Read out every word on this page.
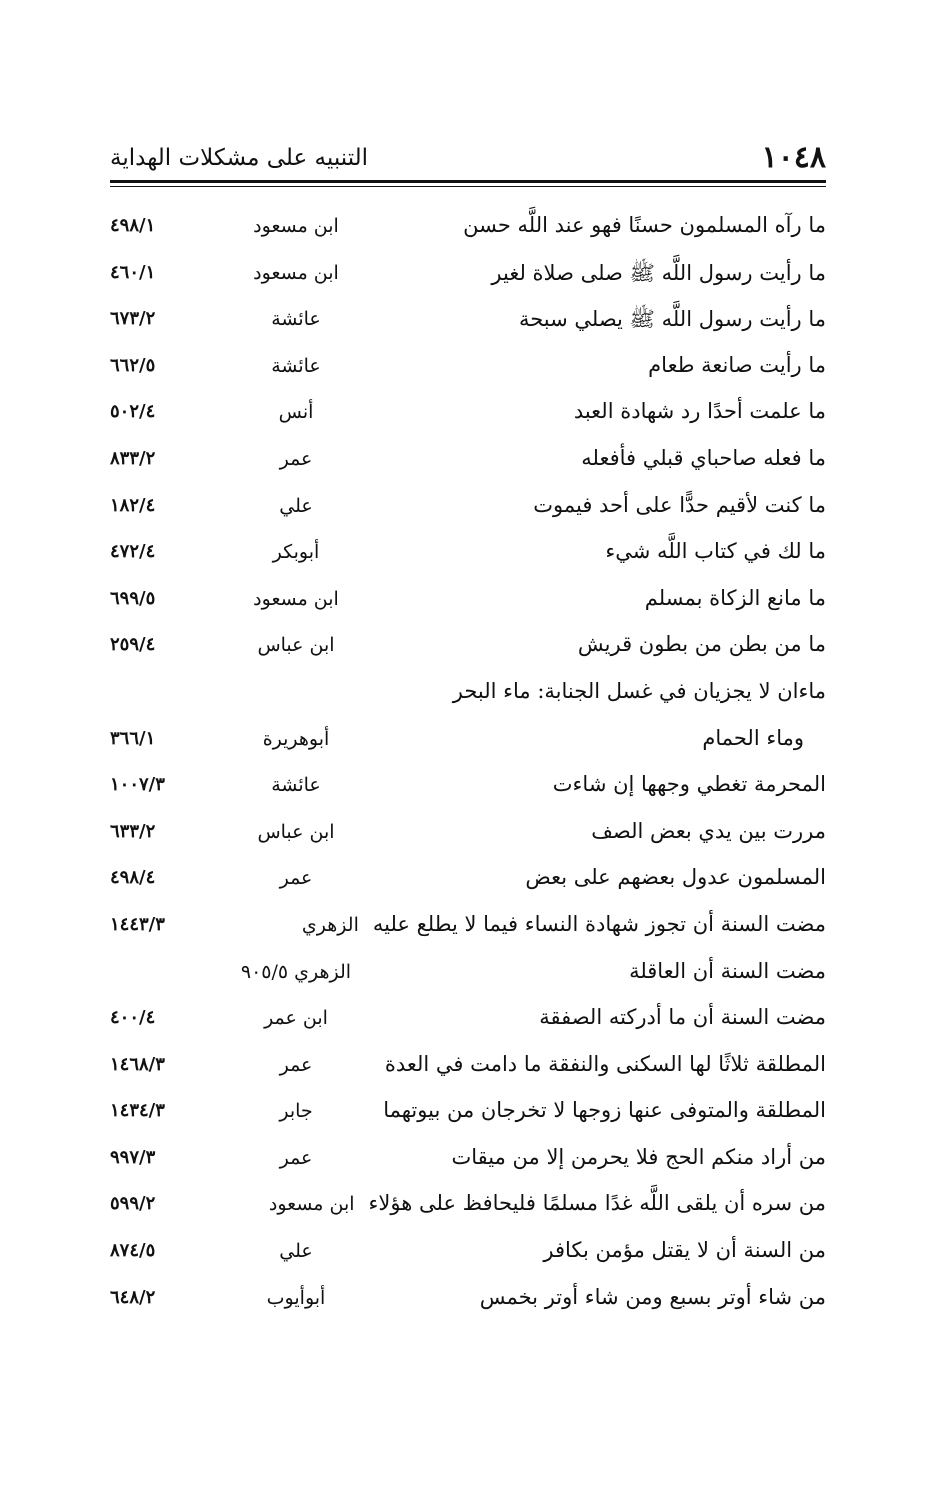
١٠٤٨
التنبيه على مشكلات الهداية
ما رآه المسلمون حسنًا فهو عند اللَّه حسن
ابن مسعود
٤٩٨/١
ما رأيت رسول اللَّه ﷺ صلى صلاة لغير
ابن مسعود
٤٦٠/١
ما رأيت رسول اللَّه ﷺ يصلي سبحة
عائشة
٦٧٣/٢
ما رأيت صانعة طعام
عائشة
٦٦٢/٥
ما علمت أحدًا رد شهادة العبد
أنس
٥٠٢/٤
ما فعله صاحباي قبلي فأفعله
عمر
٨٣٣/٢
ما كنت لأقيم حدًّا على أحد فيموت
علي
١٨٢/٤
ما لك في كتاب اللَّه شيء
أبوبكر
٤٧٢/٤
ما مانع الزكاة بمسلم
ابن مسعود
٦٩٩/٥
ما من بطن من بطون قريش
ابن عباس
٢٥٩/٤
ماءان لا يجزيان في غسل الجنابة: ماء البحر
وماء الحمام
أبوهريرة
٣٦٦/١
المحرمة تغطي وجهها إن شاءت
عائشة
١٠٠٧/٣
مررت بين يدي بعض الصف
ابن عباس
٦٣٣/٢
المسلمون عدول بعضهم على بعض
عمر
٤٩٨/٤
مضت السنة أن تجوز شهادة النساء فيما لا يطلع عليه
الزهري
١٤٤٣/٣
مضت السنة أن العاقلة
الزهري ٩٠٥/٥
مضت السنة أن ما أدركته الصفقة
ابن عمر
٤٠٠/٤
المطلقة ثلاثًا لها السكنى والنفقة ما دامت في العدة
عمر
١٤٦٨/٣
المطلقة والمتوفى عنها زوجها لا تخرجان من بيوتهما
جابر
١٤٣٤/٣
من أراد منكم الحج فلا يحرمن إلا من ميقات
عمر
٩٩٧/٣
من سره أن يلقى اللَّه غدًا مسلمًا فليحافظ على هؤلاء
ابن مسعود
٥٩٩/٢
من السنة أن لا يقتل مؤمن بكافر
علي
٨٧٤/٥
من شاء أوتر بسبع ومن شاء أوتر بخمس
أبوأيوب
٦٤٨/٢
